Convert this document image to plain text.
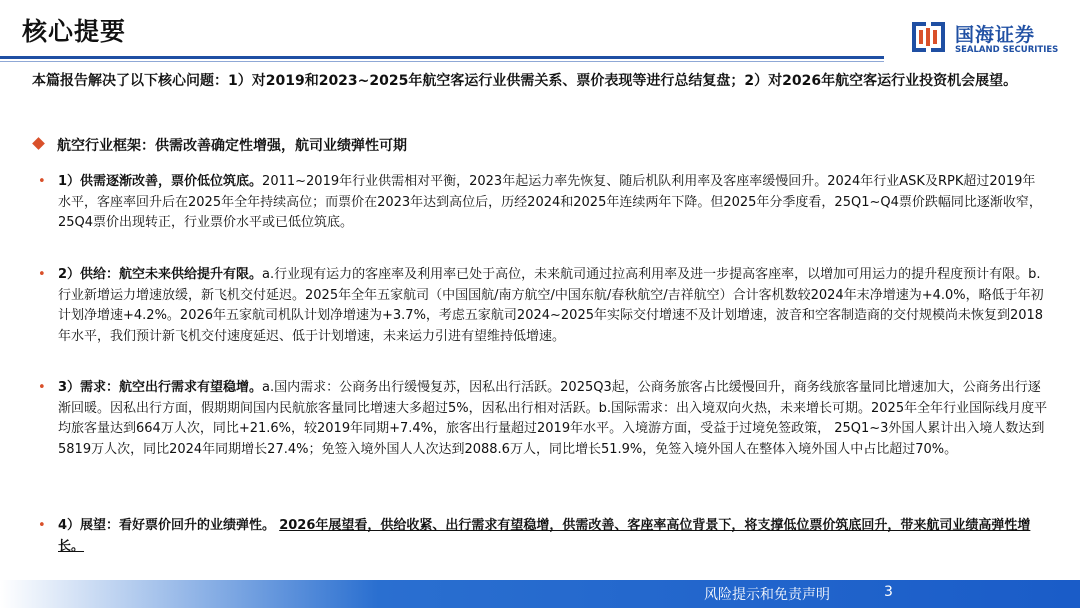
核心提要	国海证券
SEALAND SECURITIES
本篇报告解决了以下核心问题：1）对2019和2023~2025年航空客运行业供需关系、票价表现等进行总结复盘；2）对2026年航空客运行业投资机会展望。
航空行业框架：供需改善确定性增强，航司业绩弹性可期
• 1）供需逐渐改善，票价低位筑底。2011~2019年行业供需相对平衡，2023年起运力率先恢复、随后机队利用率及客座率缓慢回升。2024年行业ASK及RPK超过2019年水平，客座率回升后在2025年全年持续高位；而票价在2023年达到高位后，历经2024和2025年连续两年下降。但2025年分季度看，25Q1~Q4票价跌幅同比逐渐收窄，25Q4票价出现转正，行业票价水平或已低位筑底。
• 2）供给：航空未来供给提升有限。a.行业现有运力的客座率及利用率已处于高位，未来航司通过拉高利用率及进一步提高客座率，以增加可用运力的提升程度预计有限。b.行业新增运力增速放缓，新飞机交付延迟。2025年全年五家航司（中国国航/南方航空/中国东航/春秋航空/吉祥航空）合计客机数较2024年末净增速为+4.0%，略低于年初计划净增速+4.2%。2026年五家航司机队计划净增速为+3.7%，考虑五家航司2024~2025年实际交付增速不及计划增速，波音和空客制造商的交付规模尚未恢复到2018年水平，我们预计新飞机交付速度延迟、低于计划增速，未来运力引进有望维持低增速。
• 3）需求：航空出行需求有望稳增。a.国内需求：公商务出行缓慢复苏，因私出行活跃。2025Q3起，公商务旅客占比缓慢回升，商务线旅客量同比增速加大，公商务出行逐渐回暖。因私出行方面，假期期间国内民航旅客量同比增速大多超过5%，因私出行相对活跃。b.国际需求：出入境双向火热，未来增长可期。2025年全年行业国际线月度平均旅客量达到664万人次，同比+21.6%，较2019年同期+7.4%，旅客出行量超过2019年水平。入境游方面，受益于过境免签政策， 25Q1~3外国人累计出入境人数达到5819万人次，同比2024年同期增长27.4%；免签入境外国人人次达到2088.6万人，同比增长51.9%，免签入境外国人在整体入境外国人中占比超过70%。
• 4）展望：看好票价回升的业绩弹性。 2026年展望看，供给收紧、出行需求有望稳增，供需改善、客座率高位背景下，将支撑低位票价筑底回升，带来航司业绩高弹性增长。
风险提示和免责声明	3
